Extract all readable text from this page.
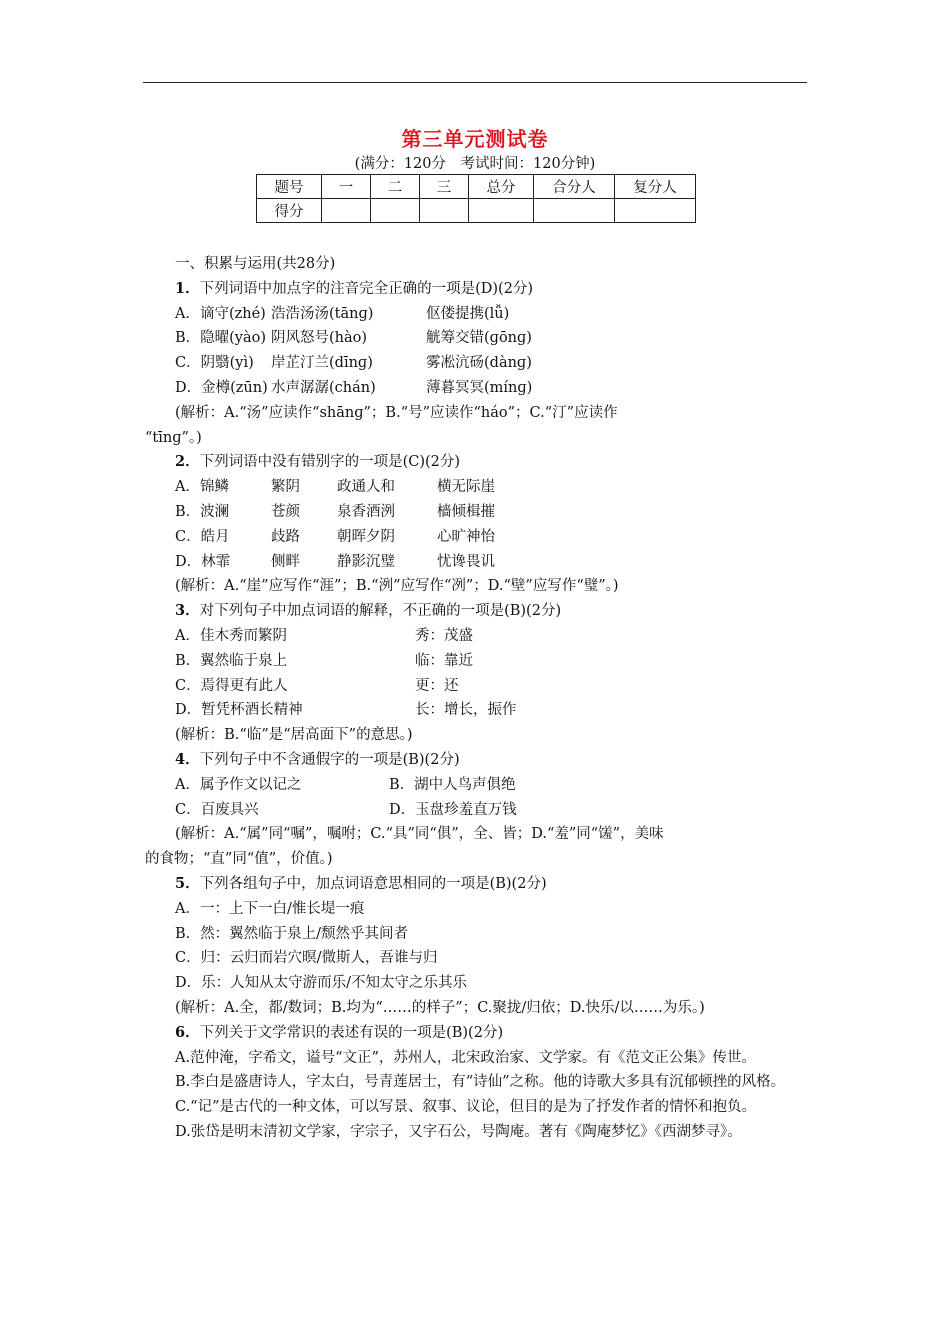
第三单元测试卷
(满分：120分　考试时间：120分钟)
题号	一	二	三	总分	合分人	复分人
得分						
一、积累与运用(共28分)
1．下列词语中加点字的注音完全正确的一项是(D)(2分)
A．谪守(zhé) 浩浩汤汤(tānɡ)	伛偻提携(lǚ)
B．隐曜(yào) 阴风怒号(hào)	觥筹交错(ɡōnɡ)
C．阴翳(yì) 岸芷汀兰(dīnɡ)	雾凇沆砀(dànɡ)
D．金樽(zūn) 水声潺潺(chán)	薄暮冥冥(mínɡ)
(解析：A.“汤”应读作“shānɡ”；B.“号”应读作“háo”；C.“汀”应读作
“tīnɡ”。)
2．下列词语中没有错别字的一项是(C)(2分)
A．锦鳞	繁阴	政通人和	横无际崖
B．波澜	苍颜	泉香酒洌	樯倾楫摧
C．皓月	歧路	朝晖夕阴	心旷神怡
D．林霏	侧畔	静影沉璧	忧谗畏讥
(解析：A.“崖”应写作“涯”；B.“洌”应写作“冽”；D.“壁”应写作“璧”。)
3．对下列句子中加点词语的解释，不正确的一项是(B)(2分)
A．佳木秀而繁阴	秀：茂盛
B．翼然临于泉上	临：靠近
C．焉得更有此人	更：还
D．暂凭杯酒长精神	长：增长，振作
(解析：B.“临”是“居高面下”的意思。)
4．下列句子中不含通假字的一项是(B)(2分)
A．属予作文以记之	B．湖中人鸟声俱绝
C．百废具兴	D．玉盘珍羞直万钱
(解析：A.“属”同“嘱”，嘱咐；C.“具”同“俱”，全、皆；D.“羞”同“馐”，美味
的食物；“直”同“值”，价值。)
5．下列各组句子中，加点词语意思相同的一项是(B)(2分)
A．一：上下一白/惟长堤一痕
B．然：翼然临于泉上/颓然乎其间者
C．归：云归而岩穴暝/微斯人，吾谁与归
D．乐：人知从太守游而乐/不知太守之乐其乐
(解析：A.全，都/数词；B.均为“……的样子”；C.聚拢/归依；D.快乐/以……为乐。)
6．下列关于文学常识的表述有误的一项是(B)(2分)
A.范仲淹，字希文，谥号“文正”，苏州人，北宋政治家、文学家。有《范文正公集》传世。
B.李白是盛唐诗人，字太白，号青莲居士，有“诗仙”之称。他的诗歌大多具有沉郁顿挫的风格。
C.“记”是古代的一种文体，可以写景、叙事、议论，但目的是为了抒发作者的情怀和抱负。
D.张岱是明末清初文学家，字宗子，又字石公，号陶庵。著有《陶庵梦忆》《西湖梦寻》。
